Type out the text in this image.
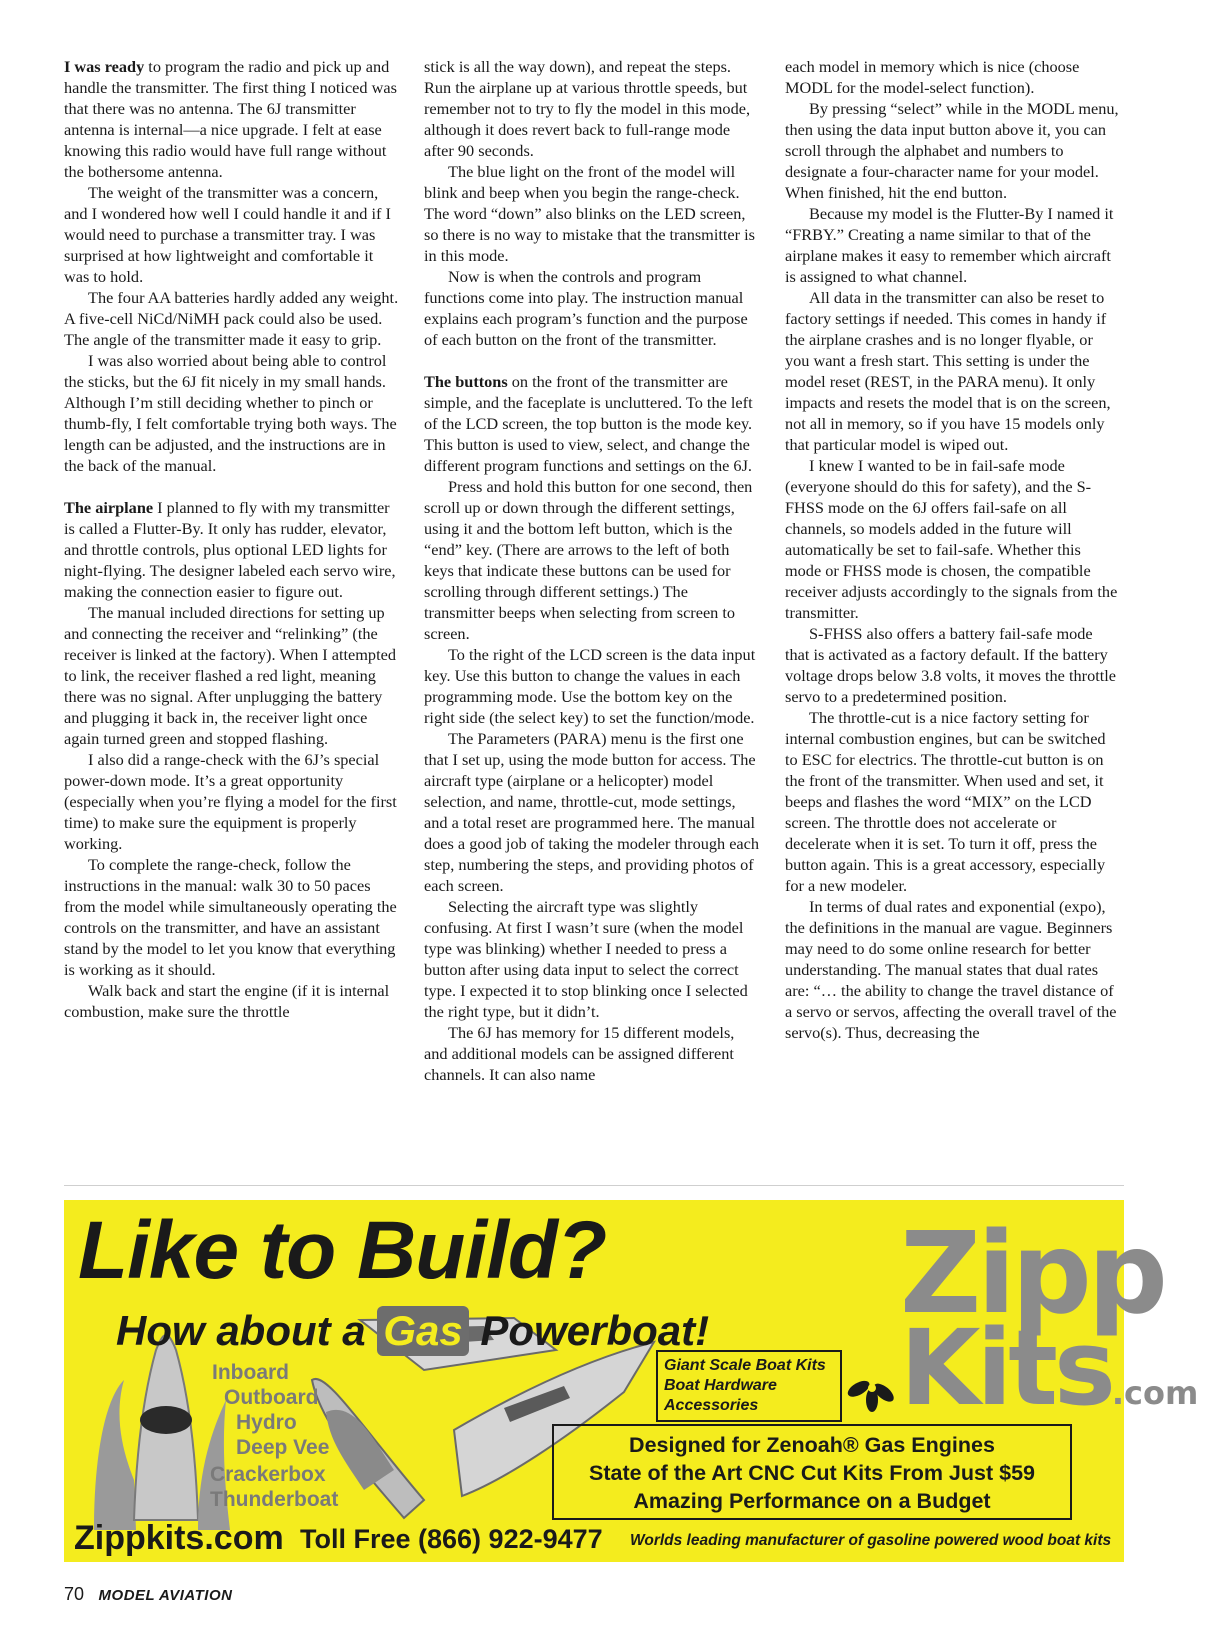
I was ready to program the radio and pick up and handle the transmitter. The first thing I noticed was that there was no antenna. The 6J transmitter antenna is internal—a nice upgrade. I felt at ease knowing this radio would have full range without the bothersome antenna.

The weight of the transmitter was a concern, and I wondered how well I could handle it and if I would need to purchase a transmitter tray. I was surprised at how lightweight and comfortable it was to hold.

The four AA batteries hardly added any weight. A five-cell NiCd/NiMH pack could also be used. The angle of the transmitter made it easy to grip.

I was also worried about being able to control the sticks, but the 6J fit nicely in my small hands. Although I’m still deciding whether to pinch or thumb-fly, I felt comfortable trying both ways. The length can be adjusted, and the instructions are in the back of the manual.

The airplane I planned to fly with my transmitter is called a Flutter-By. It only has rudder, elevator, and throttle controls, plus optional LED lights for night-flying. The designer labeled each servo wire, making the connection easier to figure out.

The manual included directions for setting up and connecting the receiver and “relinking” (the receiver is linked at the factory). When I attempted to link, the receiver flashed a red light, meaning there was no signal. After unplugging the battery and plugging it back in, the receiver light once again turned green and stopped flashing.

I also did a range-check with the 6J’s special power-down mode. It’s a great opportunity (especially when you’re flying a model for the first time) to make sure the equipment is properly working.

To complete the range-check, follow the instructions in the manual: walk 30 to 50 paces from the model while simultaneously operating the controls on the transmitter, and have an assistant stand by the model to let you know that everything is working as it should.

Walk back and start the engine (if it is internal combustion, make sure the throttle

stick is all the way down), and repeat the steps. Run the airplane up at various throttle speeds, but remember not to try to fly the model in this mode, although it does revert back to full-range mode after 90 seconds.

The blue light on the front of the model will blink and beep when you begin the range-check. The word “down” also blinks on the LED screen, so there is no way to mistake that the transmitter is in this mode.

Now is when the controls and program functions come into play. The instruction manual explains each program’s function and the purpose of each button on the front of the transmitter.

The buttons on the front of the transmitter are simple, and the faceplate is uncluttered. To the left of the LCD screen, the top button is the mode key. This button is used to view, select, and change the different program functions and settings on the 6J.

Press and hold this button for one second, then scroll up or down through the different settings, using it and the bottom left button, which is the “end” key. (There are arrows to the left of both keys that indicate these buttons can be used for scrolling through different settings.) The transmitter beeps when selecting from screen to screen.

To the right of the LCD screen is the data input key. Use this button to change the values in each programming mode. Use the bottom key on the right side (the select key) to set the function/mode.

The Parameters (PARA) menu is the first one that I set up, using the mode button for access. The aircraft type (airplane or a helicopter) model selection, and name, throttle-cut, mode settings, and a total reset are programmed here. The manual does a good job of taking the modeler through each step, numbering the steps, and providing photos of each screen.

Selecting the aircraft type was slightly confusing. At first I wasn’t sure (when the model type was blinking) whether I needed to press a button after using data input to select the correct type. I expected it to stop blinking once I selected the right type, but it didn’t.

The 6J has memory for 15 different models, and additional models can be assigned different channels. It can also name

each model in memory which is nice (choose MODL for the model-select function).

By pressing “select” while in the MODL menu, then using the data input button above it, you can scroll through the alphabet and numbers to designate a four-character name for your model. When finished, hit the end button.

Because my model is the Flutter-By I named it “FRBY.” Creating a name similar to that of the airplane makes it easy to remember which aircraft is assigned to what channel.

All data in the transmitter can also be reset to factory settings if needed. This comes in handy if the airplane crashes and is no longer flyable, or you want a fresh start. This setting is under the model reset (REST, in the PARA menu). It only impacts and resets the model that is on the screen, not all in memory, so if you have 15 models only that particular model is wiped out.

I knew I wanted to be in fail-safe mode (everyone should do this for safety), and the S-FHSS mode on the 6J offers fail-safe on all channels, so models added in the future will automatically be set to fail-safe. Whether this mode or FHSS mode is chosen, the compatible receiver adjusts accordingly to the signals from the transmitter.

S-FHSS also offers a battery fail-safe mode that is activated as a factory default. If the battery voltage drops below 3.8 volts, it moves the throttle servo to a predetermined position.

The throttle-cut is a nice factory setting for internal combustion engines, but can be switched to ESC for electrics. The throttle-cut button is on the front of the transmitter. When used and set, it beeps and flashes the word “MIX” on the LCD screen. The throttle does not accelerate or decelerate when it is set. To turn it off, press the button again. This is a great accessory, especially for a new modeler.

In terms of dual rates and exponential (expo), the definitions in the manual are vague. Beginners may need to do some online research for better understanding. The manual states that dual rates are: “… the ability to change the travel distance of a servo or servos, affecting the overall travel of the servo(s). Thus, decreasing the

Like to Build?
How about a Gas Powerboat! Zipp
Kits.com
Inboard
Outboard
Hydro
Deep Vee
Crackerbox
Thunderboat
Giant Scale Boat Kits
Boat Hardware
Accessories
Designed for Zenoah® Gas Engines
State of the Art CNC Cut Kits From Just $59
Amazing Performance on a Budget
Zippkits.com Toll Free (866) 922-9477 Worlds leading manufacturer of gasoline powered wood boat kits
70 MODEL AVIATION
